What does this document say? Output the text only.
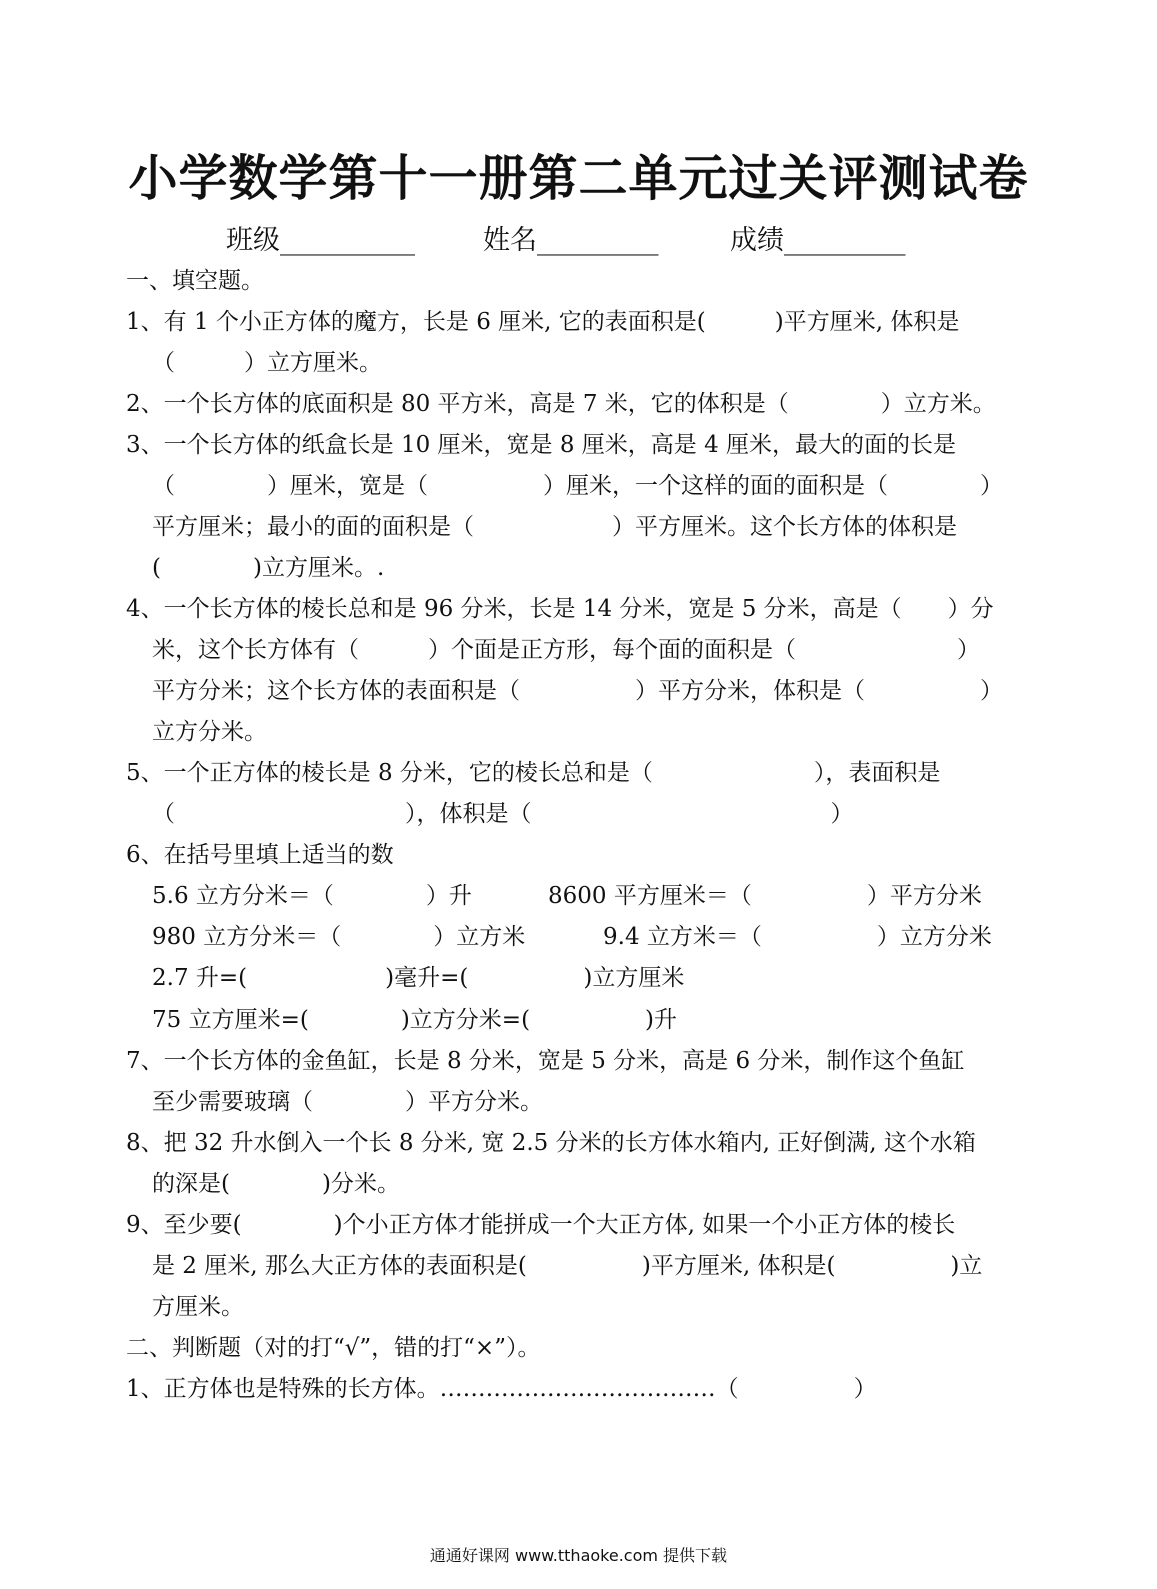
小学数学第十一册第二单元过关评测试卷
班级__________	姓名_________	成绩_________
一、填空题。
1、有 1 个小正方体的魔方，长是 6 厘米, 它的表面积是(　　　)平方厘米, 体积是
（　　　）立方厘米。
2、一个长方体的底面积是 80 平方米，高是 7 米，它的体积是（　　　　）立方米。
3、一个长方体的纸盒长是 10 厘米，宽是 8 厘米，高是 4 厘米，最大的面的长是
（　　　　）厘米，宽是（　　　　　）厘米，一个这样的面的面积是（　　　　）
平方厘米；最小的面的面积是（　　　　　　）平方厘米。这个长方体的体积是
(　　　　)立方厘米。.
4、一个长方体的棱长总和是 96 分米，长是 14 分米，宽是 5 分米，高是（　　）分
米，这个长方体有（　　　）个面是正方形，每个面的面积是（　　　　　　　）
平方分米；这个长方体的表面积是（　　　　　）平方分米，体积是（　　　　　）
立方分米。
5、一个正方体的棱长是 8 分米，它的棱长总和是（　　　　　　　），表面积是
（　　　　　　　　　　），体积是（　　　　　　　　　　　　　）
6、在括号里填上适当的数
5.6 立方分米＝（　　　　）升	8600 平方厘米＝（　　　　　）平方分米
980 立方分米＝（　　　　）立方米	9.4 立方米＝（　　　　　）立方分米
2.7 升=(　　　　　　)毫升=(　　　　　)立方厘米
75 立方厘米=(　　　　)立方分米=(　　　　　)升
7、一个长方体的金鱼缸，长是 8 分米，宽是 5 分米，高是 6 分米，制作这个鱼缸
至少需要玻璃（　　　　）平方分米。
8、把 32 升水倒入一个长 8 分米, 宽 2.5 分米的长方体水箱内, 正好倒满, 这个水箱
的深是(　　　　)分米。
9、至少要(　　　　)个小正方体才能拼成一个大正方体, 如果一个小正方体的棱长
是 2 厘米, 那么大正方体的表面积是(　　　　　)平方厘米, 体积是(　　　　　)立
方厘米。
二、判断题（对的打“√”，错的打“×”）。
1、正方体也是特殊的长方体。………………………………（　　　　　）
通通好课网 www.tthaoke.com 提供下载
